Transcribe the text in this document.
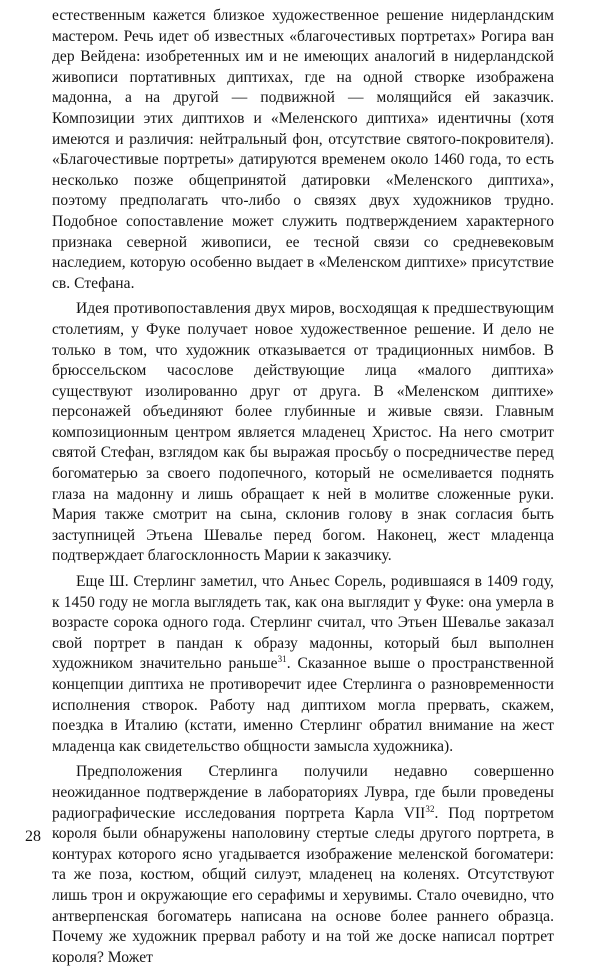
естественным кажется близкое художественное решение нидерландским мастером. Речь идет об известных «благочестивых портретах» Рогира ван дер Вейдена: изобретенных им и не имеющих аналогий в нидерландской живописи портативных диптихах, где на одной створке изображена мадонна, а на другой — подвижной — молящийся ей заказчик. Композиции этих диптихов и «Меленского диптиха» идентичны (хотя имеются и различия: нейтральный фон, отсутствие святого-покровителя). «Благочестивые портреты» датируются временем около 1460 года, то есть несколько позже общепринятой датировки «Меленского диптиха», поэтому предполагать что-либо о связях двух художников трудно. Подобное сопоставление может служить подтверждением характерного признака северной живописи, ее тесной связи со средневековым наследием, которую особенно выдает в «Меленском диптихе» присутствие св. Стефана.

Идея противопоставления двух миров, восходящая к предшествующим столетиям, у Фуке получает новое художественное решение. И дело не только в том, что художник отказывается от традиционных нимбов. В брюссельском часослове действующие лица «малого диптиха» существуют изолированно друг от друга. В «Меленском диптихе» персонажей объединяют более глубинные и живые связи. Главным композиционным центром является младенец Христос. На него смотрит святой Стефан, взглядом как бы выражая просьбу о посредничестве перед богоматерью за своего подопечного, который не осмеливается поднять глаза на мадонну и лишь обращает к ней в молитве сложенные руки. Мария также смотрит на сына, склонив голову в знак согласия быть заступницей Этьена Шевалье перед богом. Наконец, жест младенца подтверждает благосклонность Марии к заказчику.

Еще Ш. Стерлинг заметил, что Аньес Сорель, родившаяся в 1409 году, к 1450 году не могла выглядеть так, как она выглядит у Фуке: она умерла в возрасте сорока одного года. Стерлинг считал, что Этьен Шевалье заказал свой портрет в пандан к образу мадонны, который был выполнен художником значительно раньше$^{31}$. Сказанное выше о пространственной концепции диптиха не противоречит идее Стерлинга о разновременности исполнения створок. Работу над диптихом могла прервать, скажем, поездка в Италию (кстати, именно Стерлинг обратил внимание на жест младенца как свидетельство общности замысла художника).

Предположения Стерлинга получили недавно совершенно неожиданное подтверждение в лабораториях Лувра, где были проведены радиографические исследования портрета Карла VII$^{32}$. Под портретом короля были обнаружены наполовину стертые следы другого портрета, в контурах которого ясно угадывается изображение меленской богоматери: та же поза, костюм, общий силуэт, младенец на коленях. Отсутствуют лишь трон и окружающие его серафимы и херувимы. Стало очевидно, что антверпенская богоматерь написана на основе более раннего образца. Почему же художник прервал работу и на той же доске написал портрет короля? Может

28
